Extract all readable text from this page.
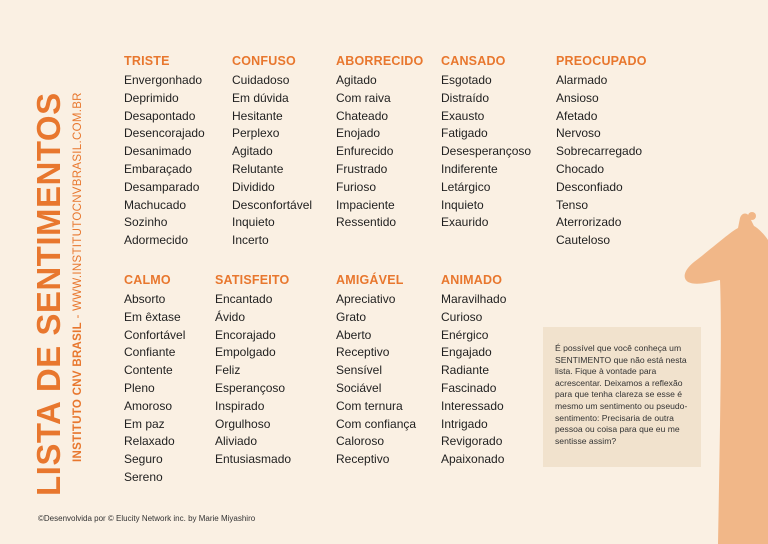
LISTA DE SENTIMENTOS INSTITUTO CNV BRASIL - WWW.INSTITUTOCNVBRASIL.COM.BR
TRISTE
Envergonhado
Deprimido
Desapontado
Desencorajado
Desanimado
Embaraçado
Desamparado
Machucado
Sozinho
Adormecido
CONFUSO
Cuidadoso
Em dúvida
Hesitante
Perplexo
Agitado
Relutante
Dividido
Desconfortável
Inquieto
Incerto
ABORRECIDO
Agitado
Com raiva
Chateado
Enojado
Enfurecido
Frustrado
Furioso
Impaciente
Ressentido
CANSADO
Esgotado
Distraído
Exausto
Fatigado
Desesperançoso
Indiferente
Letárgico
Inquieto
Exaurido
PREOCUPADO
Alarmado
Ansioso
Afetado
Nervoso
Sobrecarregado
Chocado
Desconfiado
Tenso
Aterrorizado
Cauteloso
CALMO
Absorto
Em êxtase
Confortável
Confiante
Contente
Pleno
Amoroso
Em paz
Relaxado
Seguro
Sereno
SATISFEITO
Encantado
Ávido
Encorajado
Empolgado
Feliz
Esperançoso
Inspirado
Orgulhoso
Aliviado
Entusiasmado
AMIGÁVEL
Apreciativo
Grato
Aberto
Receptivo
Sensível
Sociável
Com ternura
Com confiança
Caloroso
Receptivo
ANIMADO
Maravilhado
Curioso
Enérgico
Engajado
Radiante
Fascinado
Interessado
Intrigado
Revigorado
Apaixonado

É possível que você conheça um SENTIMENTO que não está nesta lista. Fique à vontade para acrescentar. Deixamos a reflexão para que tenha clareza se esse é mesmo um sentimento ou pseudo-sentimento: Precisaria de outra pessoa ou coisa para que eu me sentisse assim?

©Desenvolvida por © Elucity Network inc. by Marie Miyashiro
